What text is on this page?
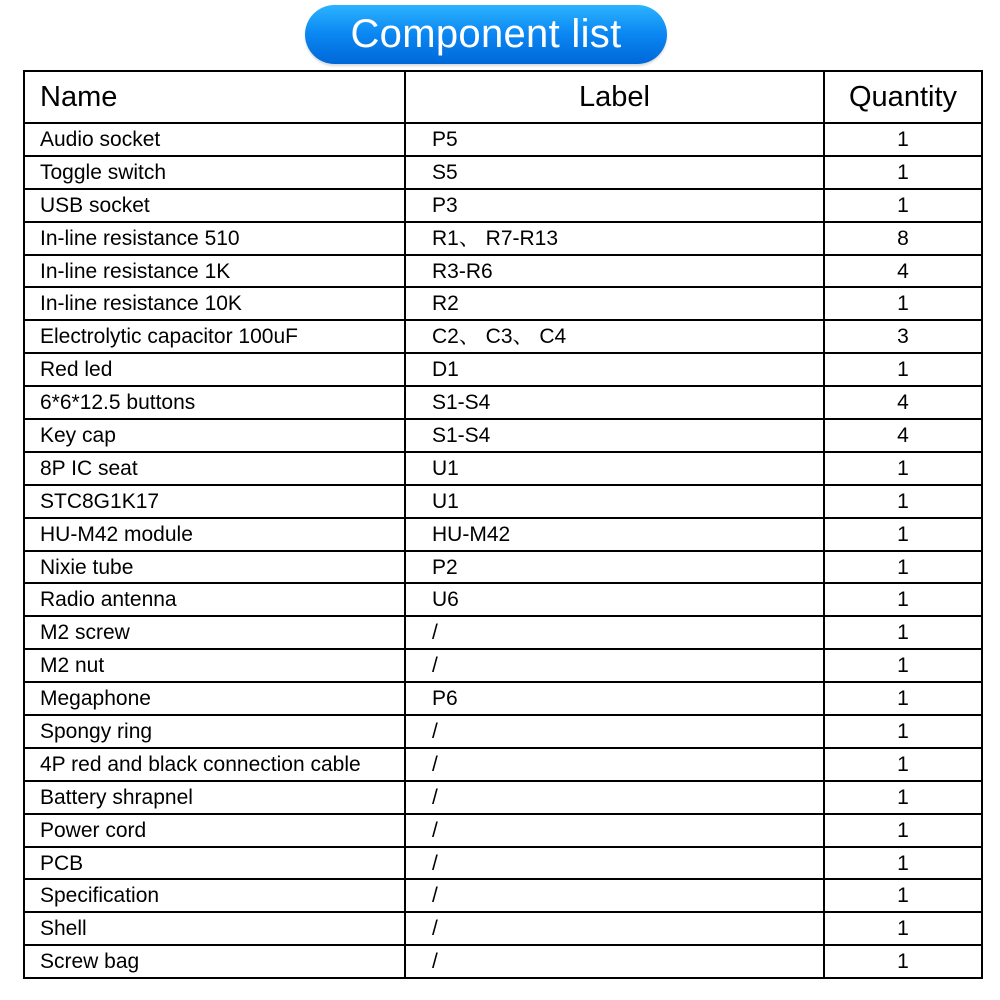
Component list
Name	Label	Quantity
Audio socket	P5	1
Toggle switch	S5	1
USB socket	P3	1
In-line resistance 510	R1、 R7-R13	8
In-line resistance 1K	R3-R6	4
In-line resistance 10K	R2	1
Electrolytic capacitor 100uF	C2、 C3、 C4	3
Red led	D1	1
6*6*12.5 buttons	S1-S4	4
Key cap	S1-S4	4
8P IC seat	U1	1
STC8G1K17	U1	1
HU-M42 module	HU-M42	1
Nixie tube	P2	1
Radio antenna	U6	1
M2 screw	/	1
M2 nut	/	1
Megaphone	P6	1
Spongy ring	/	1
4P red and black connection cable	/	1
Battery shrapnel	/	1
Power cord	/	1
PCB	/	1
Specification	/	1
Shell	/	1
Screw bag	/	1
